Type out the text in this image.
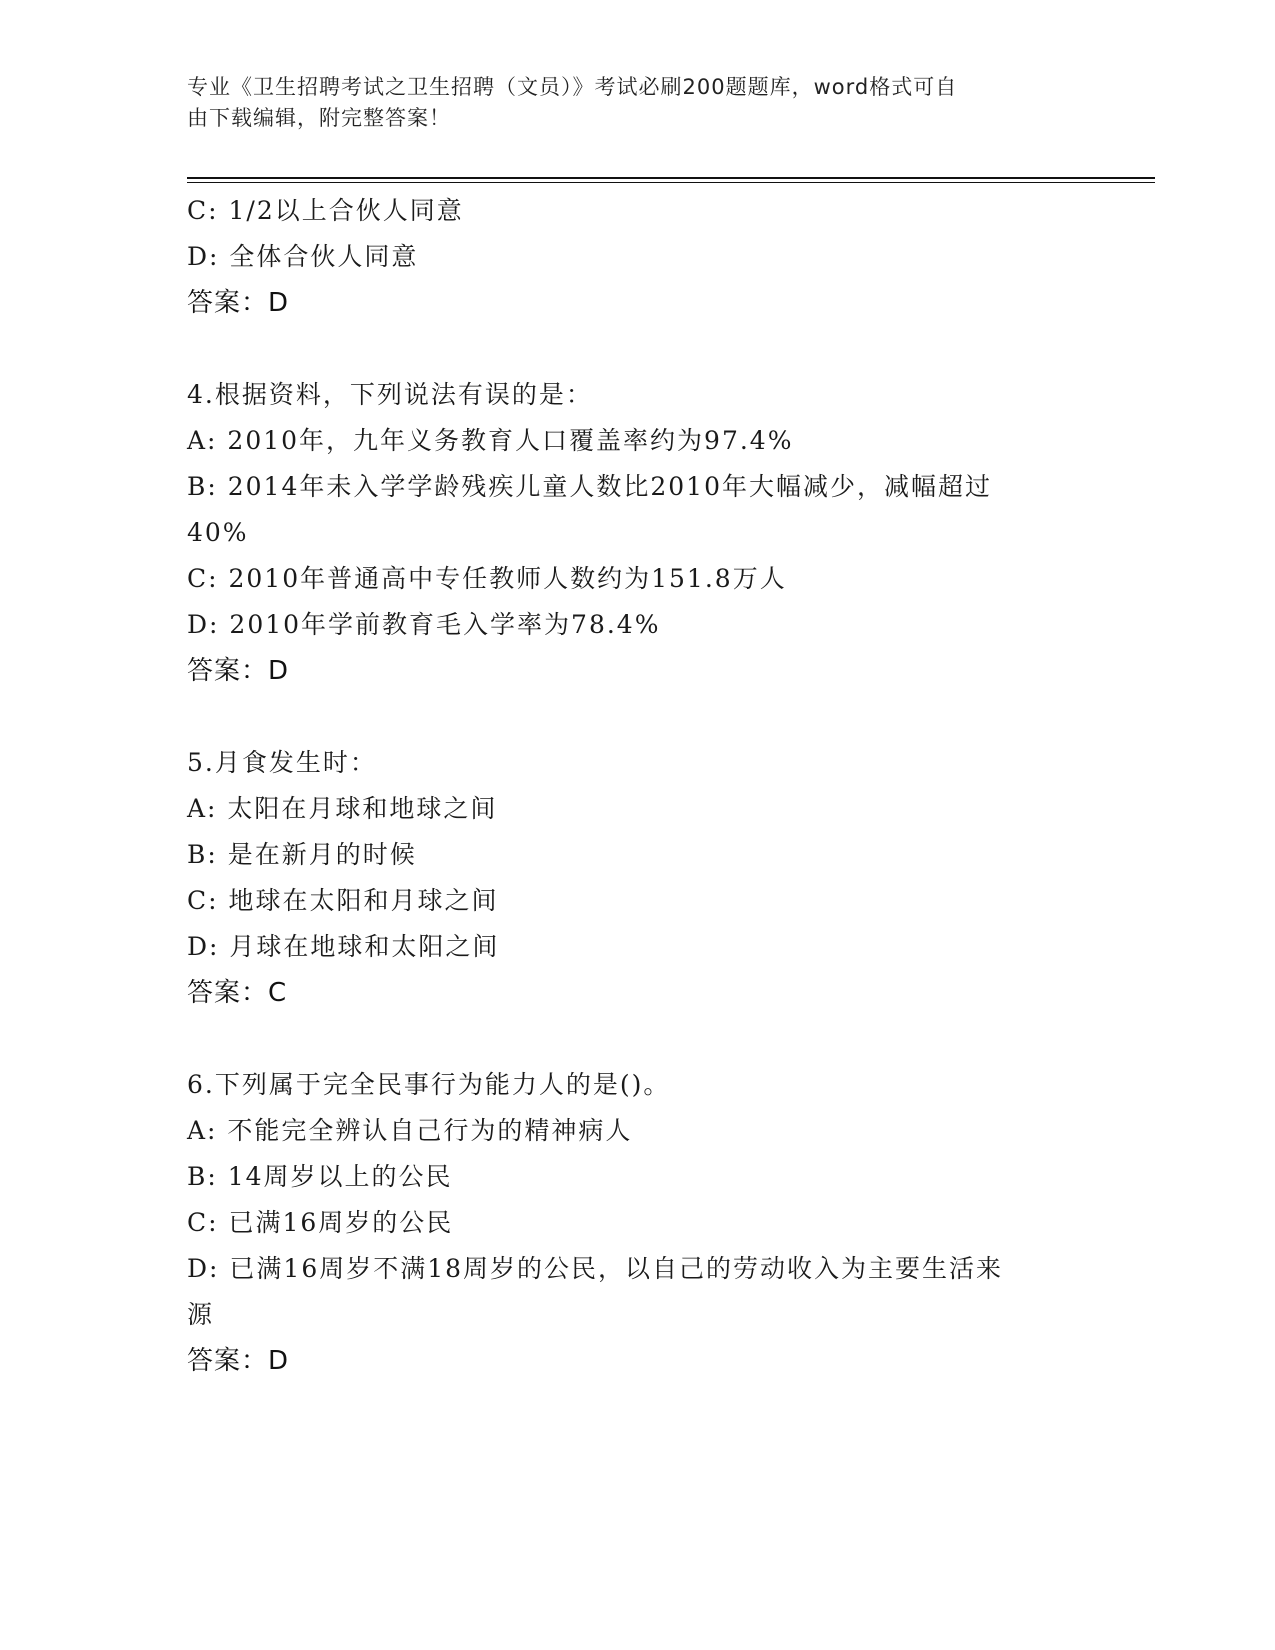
专业《卫生招聘考试之卫生招聘（文员）》考试必刷200题题库，word格式可自
由下载编辑，附完整答案！
C: 1/2以上合伙人同意
D: 全体合伙人同意
答案：D
4.根据资料，下列说法有误的是：
A: 2010年，九年义务教育人口覆盖率约为97.4%
B: 2014年未入学学龄残疾儿童人数比2010年大幅减少，减幅超过
40%
C: 2010年普通高中专任教师人数约为151.8万人
D: 2010年学前教育毛入学率为78.4%
答案：D
5.月食发生时：
A: 太阳在月球和地球之间
B: 是在新月的时候
C: 地球在太阳和月球之间
D: 月球在地球和太阳之间
答案：C
6.下列属于完全民事行为能力人的是()。
A: 不能完全辨认自己行为的精神病人
B: 14周岁以上的公民
C: 已满16周岁的公民
D: 已满16周岁不满18周岁的公民，以自己的劳动收入为主要生活来
源
答案：D
